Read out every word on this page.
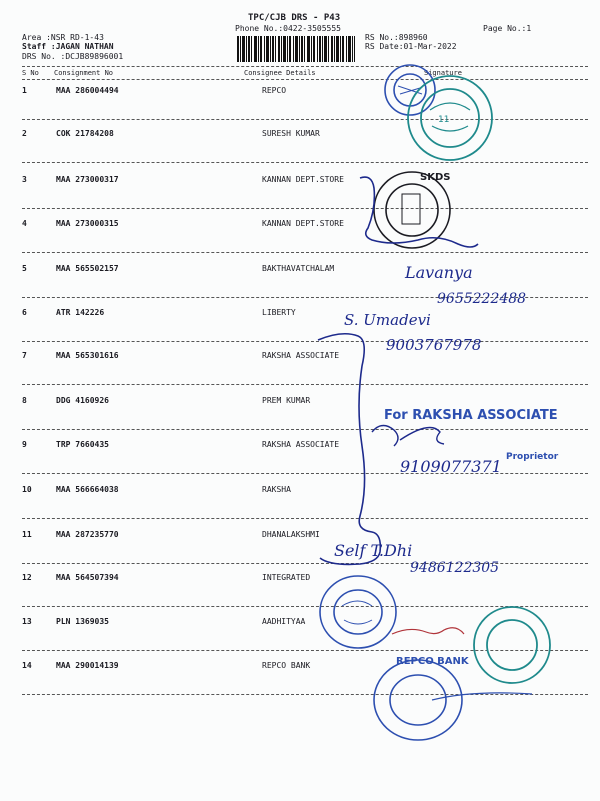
TPC/CJB DRS - P43
Phone No.:0422-3505555	Page No.:1
Area :NSR RD-1-43
Staff :JAGAN NATHAN
DRS No. :DCJB89896001
RS No.:898960
RS Date:01-Mar-2022
S No Consignment No	Consignee Details	Signature
1	MAA 286004494	REPCO
2	COK 21784208	SURESH KUMAR
3	MAA 273000317	KANNAN DEPT.STORE
4	MAA 273000315	KANNAN DEPT.STORE
5	MAA 565502157	BAKTHAVATCHALAM
6	ATR 142226	LIBERTY
7	MAA 565301616	RAKSHA ASSOCIATE
8	DDG 4160926	PREM KUMAR
9	TRP 7660435	RAKSHA ASSOCIATE
10	MAA 566664038	RAKSHA
11	MAA 287235770	DHANALAKSHMI
12	MAA 564507394	INTEGRATED
13	PLN 1369035	AADHITYAA
14	MAA 290014139	REPCO BANK
11
SKDS
Lavanya
9655222488
S. Umadevi
9003767978
For RAKSHA ASSOCIATE
9109077371 Proprietor
Self T.Dhi
9486122305
REPCO BANK
